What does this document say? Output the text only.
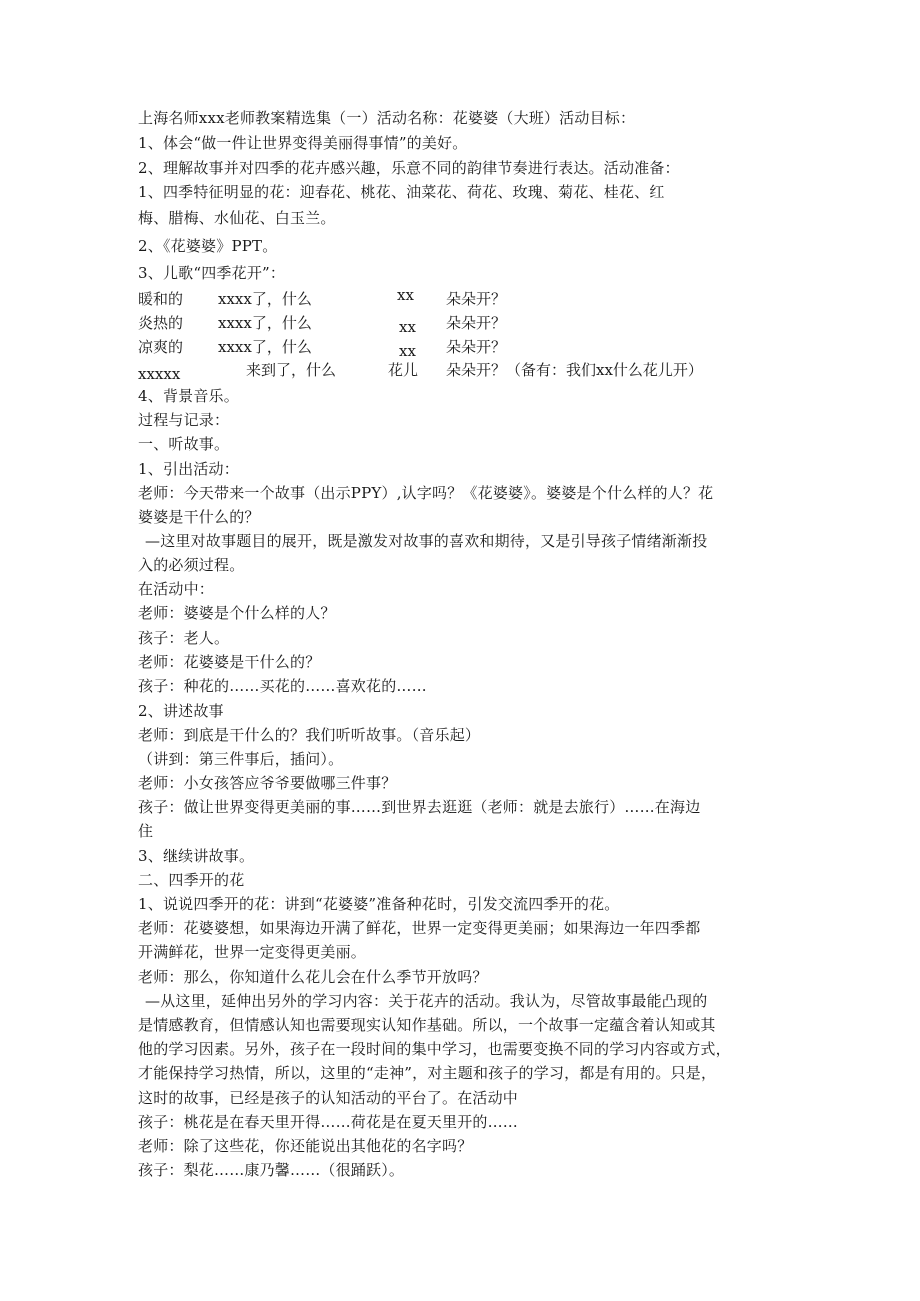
上海名师xxx老师教案精选集（一）活动名称：花婆婆（大班）活动目标：
1、体会“做一件让世界变得美丽得事情”的美好。
2、理解故事并对四季的花卉感兴趣，乐意不同的韵律节奏进行表达。活动准备：
1、四季特征明显的花：迎春花、桃花、油菜花、荷花、玫瑰、菊花、桂花、红
梅、腊梅、水仙花、白玉兰。
2、《花婆婆》PPT。
3、儿歌“四季花开”：
暖和的 xxxx了，什么	xx 朵朵开？
炎热的 xxxx了，什么	xx 朵朵开？
凉爽的 xxxx了，什么	xx 朵朵开？
xxxxx	来到了，什么	花儿 朵朵开？（备有：我们xx什么花儿开）
4、背景音乐。
过程与记录：
一、听故事。
1、引出活动：
老师：今天带来一个故事（出示PPY）,认字吗？《花婆婆》。婆婆是个什么样的人？花
婆婆是干什么的？
—这里对故事题目的展开，既是激发对故事的喜欢和期待，又是引导孩子情绪渐渐投
入的必须过程。
在活动中：
老师：婆婆是个什么样的人？
孩子：老人。
老师：花婆婆是干什么的？
孩子：种花的……买花的……喜欢花的……
2、讲述故事
老师：到底是干什么的？我们听听故事。（音乐起）
（讲到：第三件事后，插问）。
老师：小女孩答应爷爷要做哪三件事？
孩子：做让世界变得更美丽的事……到世界去逛逛（老师：就是去旅行）……在海边
住
3、继续讲故事。
二、四季开的花
1、说说四季开的花：讲到“花婆婆”准备种花时，引发交流四季开的花。
老师：花婆婆想，如果海边开满了鲜花，世界一定变得更美丽；如果海边一年四季都
开满鲜花，世界一定变得更美丽。
老师：那么，你知道什么花儿会在什么季节开放吗？
—从这里，延伸出另外的学习内容：关于花卉的活动。我认为，尽管故事最能凸现的
是情感教育，但情感认知也需要现实认知作基础。所以，一个故事一定蕴含着认知或其
他的学习因素。另外，孩子在一段时间的集中学习，也需要变换不同的学习内容或方式，
才能保持学习热情，所以，这里的“走神”，对主题和孩子的学习，都是有用的。只是，
这时的故事，已经是孩子的认知活动的平台了。在活动中
孩子：桃花是在春天里开得……荷花是在夏天里开的……
老师：除了这些花，你还能说出其他花的名字吗？
孩子：梨花……康乃馨……（很踊跃）。
